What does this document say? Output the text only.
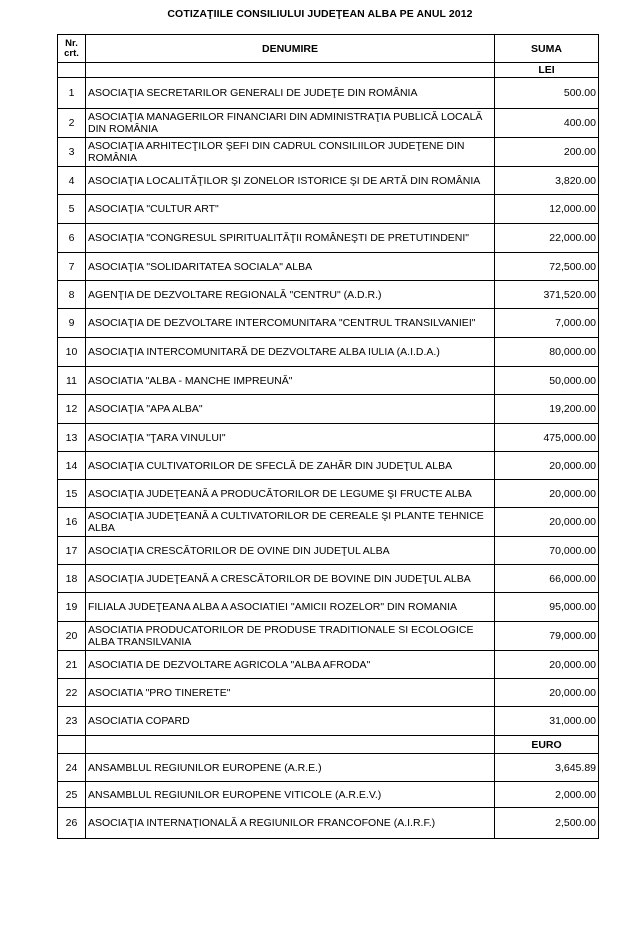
COTIZAŢIILE CONSILIULUI JUDEŢEAN ALBA PE ANUL 2012
Nr. crt.	DENUMIRE	SUMA
		LEI
1	ASOCIAŢIA SECRETARILOR GENERALI DE JUDEŢE DIN ROMÂNIA	500.00
2	ASOCIAŢIA MANAGERILOR FINANCIARI DIN ADMINISTRAŢIA PUBLICĂ LOCALĂ DIN ROMÂNIA	400.00
3	ASOCIAŢIA ARHITECŢILOR ŞEFI DIN CADRUL CONSILIILOR JUDEŢENE DIN ROMÂNIA	200.00
4	ASOCIAŢIA LOCALITĂŢILOR ŞI ZONELOR ISTORICE ŞI DE ARTĂ DIN ROMÂNIA	3,820.00
5	ASOCIAŢIA "CULTUR ART"	12,000.00
6	ASOCIAŢIA "CONGRESUL SPIRITUALITĂŢII ROMÂNEŞTI DE PRETUTINDENI"	22,000.00
7	ASOCIAŢIA "SOLIDARITATEA SOCIALA" ALBA	72,500.00
8	AGENŢIA DE DEZVOLTARE REGIONALĂ "CENTRU" (A.D.R.)	371,520.00
9	ASOCIAŢIA DE DEZVOLTARE INTERCOMUNITARA "CENTRUL TRANSILVANIEI"	7,000.00
10	ASOCIAŢIA INTERCOMUNITARĂ DE DEZVOLTARE ALBA IULIA (A.I.D.A.)	80,000.00
11	ASOCIATIA "ALBA - MANCHE IMPREUNĂ"	50,000.00
12	ASOCIAŢIA "APA ALBA"	19,200.00
13	ASOCIAŢIA "ŢARA VINULUI"	475,000.00
14	ASOCIAŢIA CULTIVATORILOR DE SFECLĂ DE ZAHĂR DIN JUDEŢUL ALBA	20,000.00
15	ASOCIAŢIA JUDEŢEANĂ A PRODUCĂTORILOR DE LEGUME ŞI FRUCTE ALBA	20,000.00
16	ASOCIAŢIA JUDEŢEANĂ A CULTIVATORILOR DE CEREALE ŞI PLANTE TEHNICE ALBA	20,000.00
17	ASOCIAŢIA CRESCĂTORILOR DE OVINE DIN JUDEŢUL ALBA	70,000.00
18	ASOCIAŢIA JUDEŢEANĂ A CRESCĂTORILOR DE BOVINE DIN JUDEŢUL ALBA	66,000.00
19	FILIALA JUDEŢEANA ALBA A ASOCIATIEI "AMICII ROZELOR" DIN ROMANIA	95,000.00
20	ASOCIATIA PRODUCATORILOR DE PRODUSE TRADITIONALE SI ECOLOGICE ALBA TRANSILVANIA	79,000.00
21	ASOCIATIA DE DEZVOLTARE AGRICOLA "ALBA AFRODA"	20,000.00
22	ASOCIATIA "PRO TINERETE"	20,000.00
23	ASOCIATIA COPARD	31,000.00
		EURO
24	ANSAMBLUL REGIUNILOR EUROPENE (A.R.E.)	3,645.89
25	ANSAMBLUL REGIUNILOR EUROPENE VITICOLE (A.R.E.V.)	2,000.00
26	ASOCIAŢIA INTERNAŢIONALĂ A REGIUNILOR FRANCOFONE (A.I.R.F.)	2,500.00
